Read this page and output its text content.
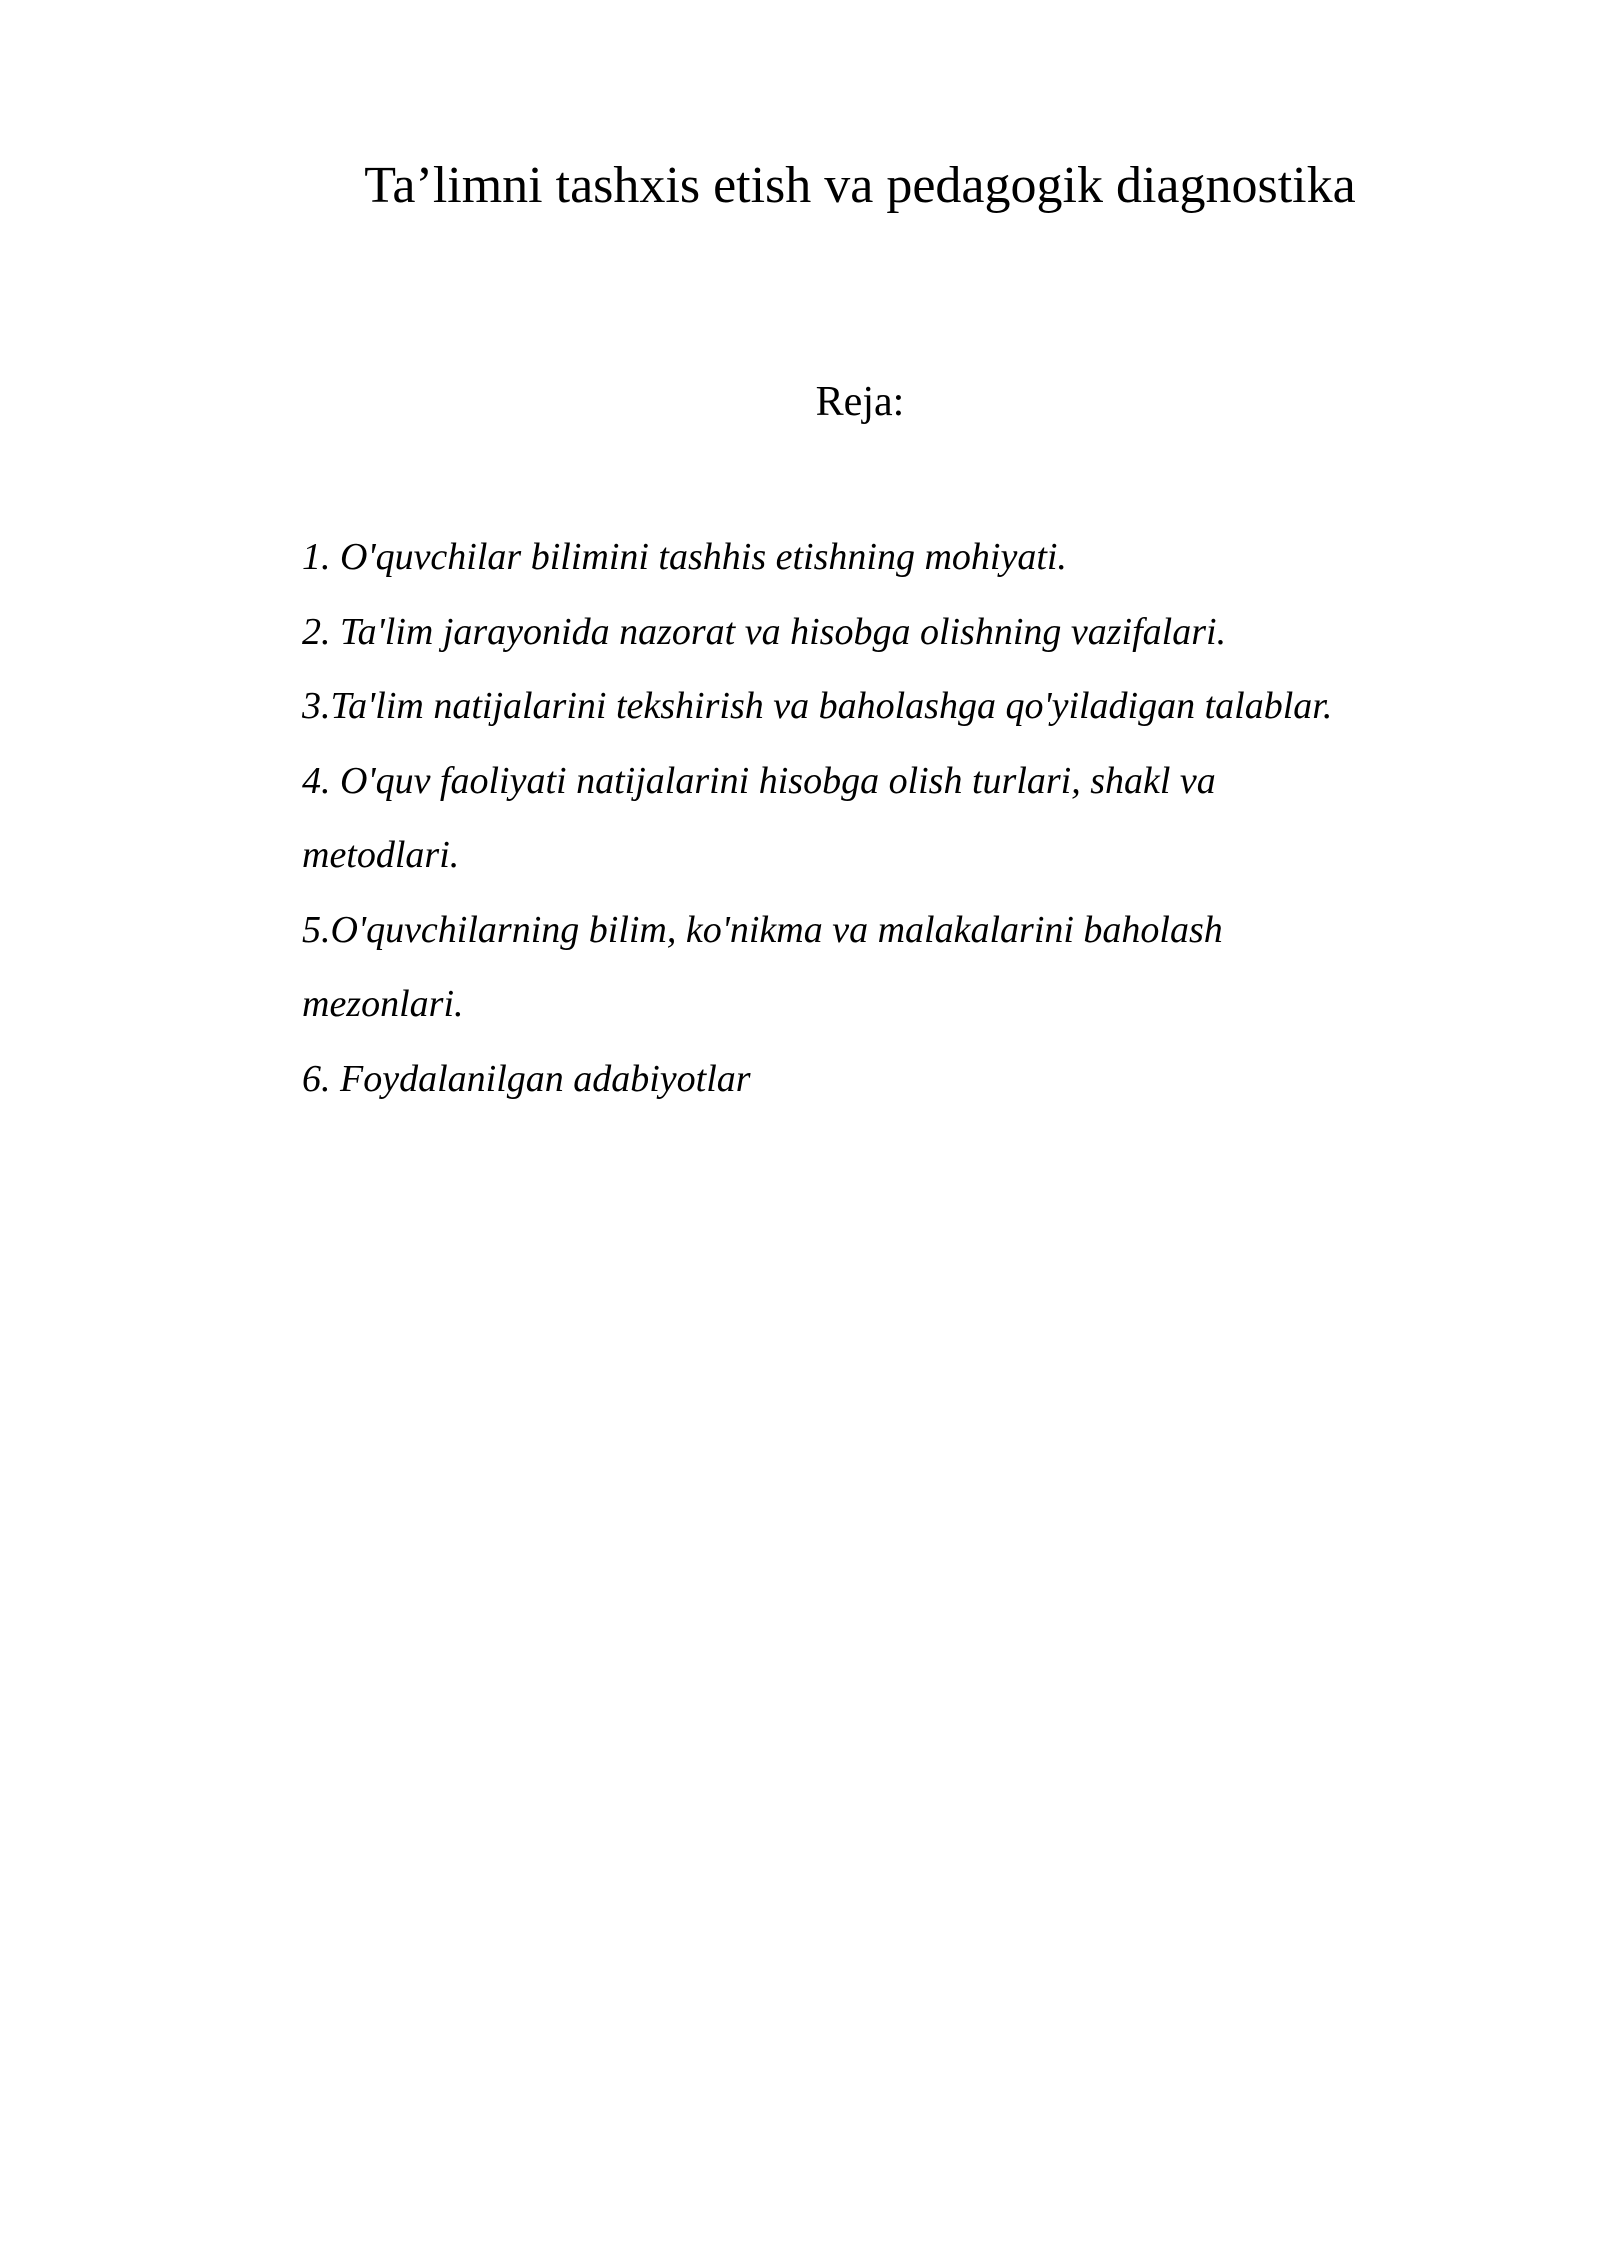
Ta’limni tashxis etish va pedagogik diagnostika
Reja:
1. O'quvchilar bilimini tashhis etishning mohiyati.
2. Ta'lim jarayonida nazorat va hisobga olishning vazifalari.
3.Ta'lim natijalarini tekshirish va baholashga qo'yiladigan talablar.
4. O'quv faoliyati natijalarini hisobga olish turlari, shakl va
metodlari.
5.O'quvchilarning bilim, ko'nikma va malakalarini baholash
mezonlari.
6. Foydalanilgan adabiyotlar
